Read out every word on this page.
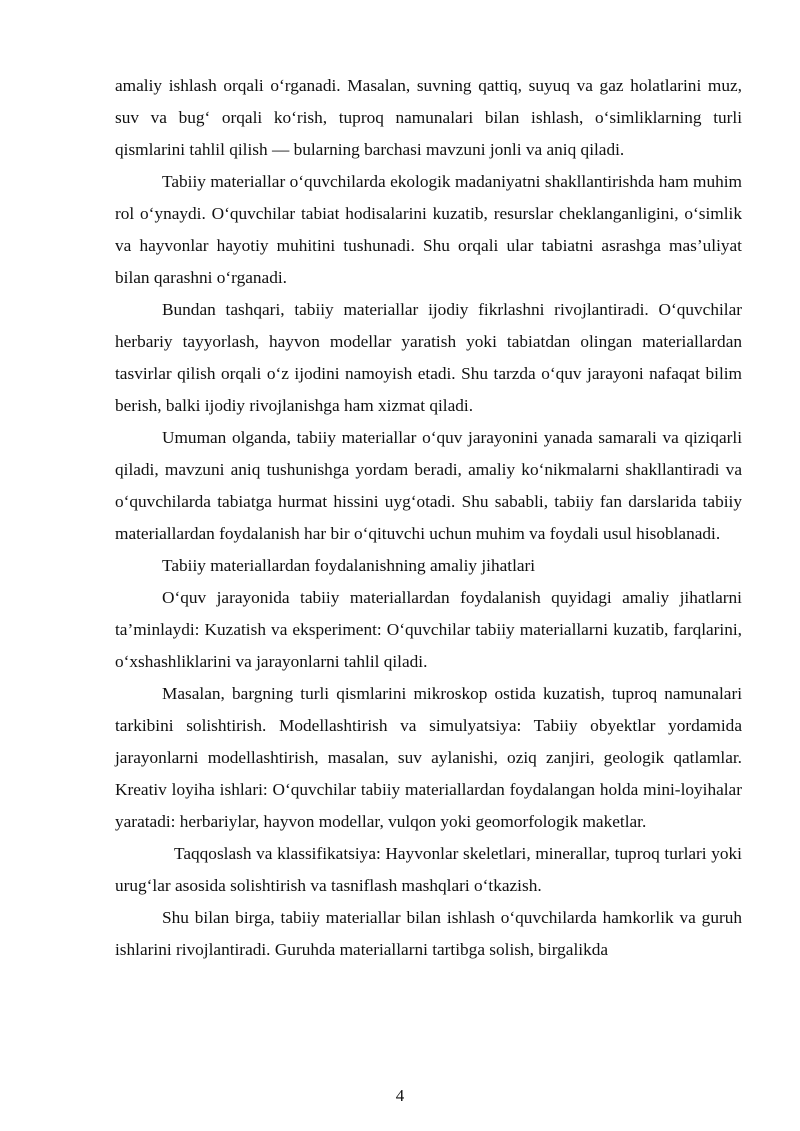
amaliy ishlash orqali o‘rganadi. Masalan, suvning qattiq, suyuq va gaz holatlarini muz, suv va bug‘ orqali ko‘rish, tuproq namunalari bilan ishlash, o‘simliklarning turli qismlarini tahlil qilish — bularning barchasi mavzuni jonli va aniq qiladi.

Tabiiy materiallar o‘quvchilarda ekologik madaniyatni shakllantirishda ham muhim rol o‘ynaydi. O‘quvchilar tabiat hodisalarini kuzatib, resurslar cheklanganligini, o‘simlik va hayvonlar hayotiy muhitini tushunadi. Shu orqali ular tabiatni asrashga mas’uliyat bilan qarashni o‘rganadi.

Bundan tashqari, tabiiy materiallar ijodiy fikrlashni rivojlantiradi. O‘quvchilar herbariy tayyorlash, hayvon modellar yaratish yoki tabiatdan olingan materiallardan tasvirlar qilish orqali o‘z ijodini namoyish etadi. Shu tarzda o‘quv jarayoni nafaqat bilim berish, balki ijodiy rivojlanishga ham xizmat qiladi.

Umuman olganda, tabiiy materiallar o‘quv jarayonini yanada samarali va qiziqarli qiladi, mavzuni aniq tushunishga yordam beradi, amaliy ko‘nikmalarni shakllantiradi va o‘quvchilarda tabiatga hurmat hissini uyg‘otadi. Shu sababli, tabiiy fan darslarida tabiiy materiallardan foydalanish har bir o‘qituvchi uchun muhim va foydali usul hisoblanadi.

Tabiiy materiallardan foydalanishning amaliy jihatlari

O‘quv jarayonida tabiiy materiallardan foydalanish quyidagi amaliy jihatlarni ta’minlaydi: Kuzatish va eksperiment: O‘quvchilar tabiiy materiallarni kuzatib, farqlarini, o‘xshashliklarini va jarayonlarni tahlil qiladi.

Masalan, bargning turli qismlarini mikroskop ostida kuzatish, tuproq namunalari tarkibini solishtirish. Modellashtirish va simulyatsiya: Tabiiy obyektlar yordamida jarayonlarni modellashtirish, masalan, suv aylanishi, oziq zanjiri, geologik qatlamlar. Kreativ loyiha ishlari: O‘quvchilar tabiiy materiallardan foydalangan holda mini-loyihalar yaratadi: herbariylar, hayvon modellar, vulqon yoki geomorfologik maketlar.

Taqqoslash va klassifikatsiya: Hayvonlar skeletlari, minerallar, tuproq turlari yoki urug‘lar asosida solishtirish va tasniflash mashqlari o‘tkazish.

Shu bilan birga, tabiiy materiallar bilan ishlash o‘quvchilarda hamkorlik va guruh ishlarini rivojlantiradi. Guruhda materiallarni tartibga solish, birgalikda

4
